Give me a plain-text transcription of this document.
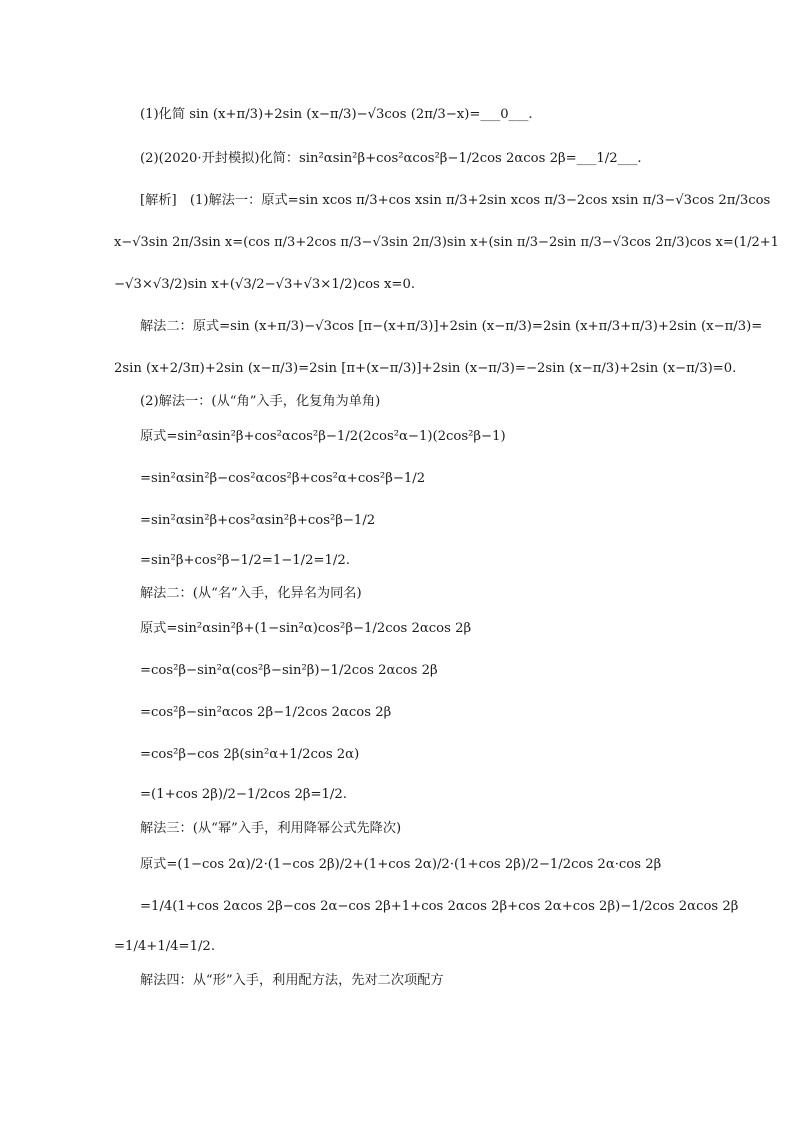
(1)化简 sin (x+π/3)+2sin (x−π/3)−√3cos (2π/3−x)=___0___.
(2)(2020·开封模拟)化简：sin²αsin²β+cos²αcos²β−1/2cos 2αcos 2β=___1/2___.
[解析]　(1)解法一：原式=sin xcos π/3+cos xsin π/3+2sin xcos π/3−2cos xsin π/3−√3cos 2π/3cos
x−√3sin 2π/3sin x=(cos π/3+2cos π/3−√3sin 2π/3)sin x+(sin π/3−2sin π/3−√3cos 2π/3)cos x=(1/2+1
−√3×√3/2)sin x+(√3/2−√3+√3×1/2)cos x=0.
解法二：原式=sin (x+π/3)−√3cos [π−(x+π/3)]+2sin (x−π/3)=2sin (x+π/3+π/3)+2sin (x−π/3)=
2sin (x+2/3π)+2sin (x−π/3)=2sin [π+(x−π/3)]+2sin (x−π/3)=−2sin (x−π/3)+2sin (x−π/3)=0.
(2)解法一：(从“角”入手，化复角为单角)
原式=sin²αsin²β+cos²αcos²β−1/2(2cos²α−1)(2cos²β−1)
=sin²αsin²β−cos²αcos²β+cos²α+cos²β−1/2
=sin²αsin²β+cos²αsin²β+cos²β−1/2
=sin²β+cos²β−1/2=1−1/2=1/2.
解法二：(从“名”入手，化异名为同名)
原式=sin²αsin²β+(1−sin²α)cos²β−1/2cos 2αcos 2β
=cos²β−sin²α(cos²β−sin²β)−1/2cos 2αcos 2β
=cos²β−sin²αcos 2β−1/2cos 2αcos 2β
=cos²β−cos 2β(sin²α+1/2cos 2α)
=(1+cos 2β)/2−1/2cos 2β=1/2.
解法三：(从“幂”入手，利用降幂公式先降次)
原式=(1−cos 2α)/2·(1−cos 2β)/2+(1+cos 2α)/2·(1+cos 2β)/2−1/2cos 2α·cos 2β
=1/4(1+cos 2αcos 2β−cos 2α−cos 2β+1+cos 2αcos 2β+cos 2α+cos 2β)−1/2cos 2αcos 2β
=1/4+1/4=1/2.
解法四：从“形”入手，利用配方法，先对二次项配方
